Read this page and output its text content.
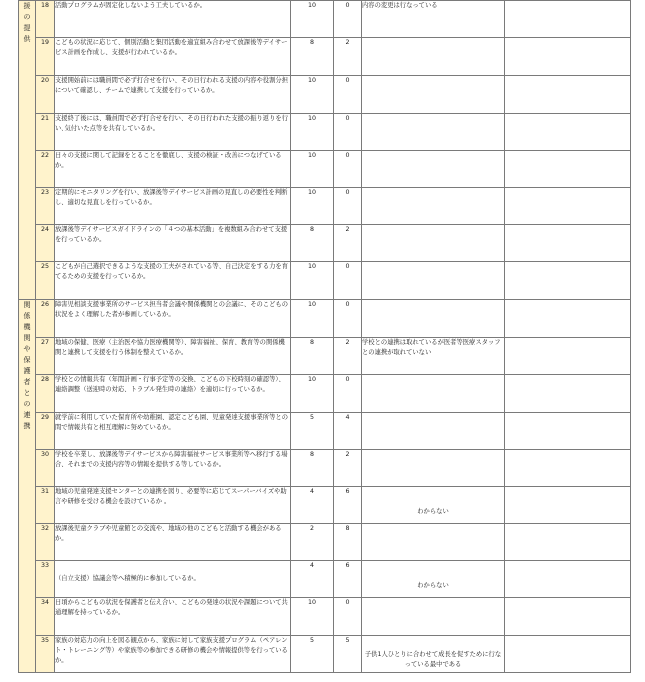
援の提供	18	活動プログラムが固定化しないよう工夫しているか。	10	0	内容の変更は行なっている	
	19	こどもの状況に応じて、個別活動と集団活動を適宜組み合わせて放課後等デイサービス計画を作成し、支援が行われているか。	8	2		
	20	支援開始前には職員間で必ず打合せを行い、その日行われる支援の内容や役割分担について確認し、チームで連携して支援を行っているか。	10	0		
	21	支援終了後には、職員間で必ず打合せを行い、その日行われた支援の振り返りを行い､気付いた点等を共有しているか。	10	0		
	22	日々の支援に関して記録をとることを徹底し、支援の検証・改善につなげているか。	10	0		
	23	定期的にモニタリングを行い、放課後等デイサービス計画の見直しの必要性を判断し、適切な見直しを行っているか。	10	0		
	24	放課後等デイサービスガイドラインの「４つの基本活動」を複数組み合わせて支援を行っているか。	8	2		
	25	こどもが自己選択できるような支援の工夫がされている等、自己決定をする力を育てるための支援を行っているか。	10	0		
関係機関や保護者との連携	26	障害児相談支援事業所のサービス担当者会議や関係機関との会議に、そのこどもの状況をよく理解した者が参画しているか。	10	0		
	27	地域の保健、医療（主治医や協力医療機関等）、障害福祉、保育、教育等の関係機関と連携して支援を行う体制を整えているか。	8	2	学校との連携は取れているが医者等医療スタッフとの連携が取れていない	
	28	学校との情報共有（年間計画・行事予定等の交換、こどもの下校時刻の確認等）、連絡調整（送迎時の対応、トラブル発生時の連絡）を適切に行っているか。	10	0		
	29	就学前に利用していた保育所や幼稚園、認定こども園、児童発達支援事業所等との間で情報共有と相互理解に努めているか。	5	4		
	30	学校を卒業し、放課後等デイサービスから障害福祉サービス事業所等へ移行する場合、それまでの支援内容等の情報を提供する等しているか。	8	2		
	31	地域の児童発達支援センターとの連携を図り、必要等に応じてスーパーバイズや助言や研修を受ける機会を設けているか 。	4	6	わからない	
	32	放課後児童クラブや児童館との交流や、地域の他のこどもと活動する機会があるか。	2	8		
	33	（自立支援）協議会等へ積極的に参加しているか。	4	6	わからない	
	34	日頃からこどもの状況を保護者と伝え合い、こどもの発達の状況や課題について共通理解を持っているか。	10	0		
	35	家族の対応力の向上を図る観点から、家族に対して家族支援プログラム（ペアレント・トレーニング等）や家族等の参加できる研修の機会や情報提供等を行っているか。	5	5	子供1人ひとりに合わせて成長を促すために行なっている最中である	
